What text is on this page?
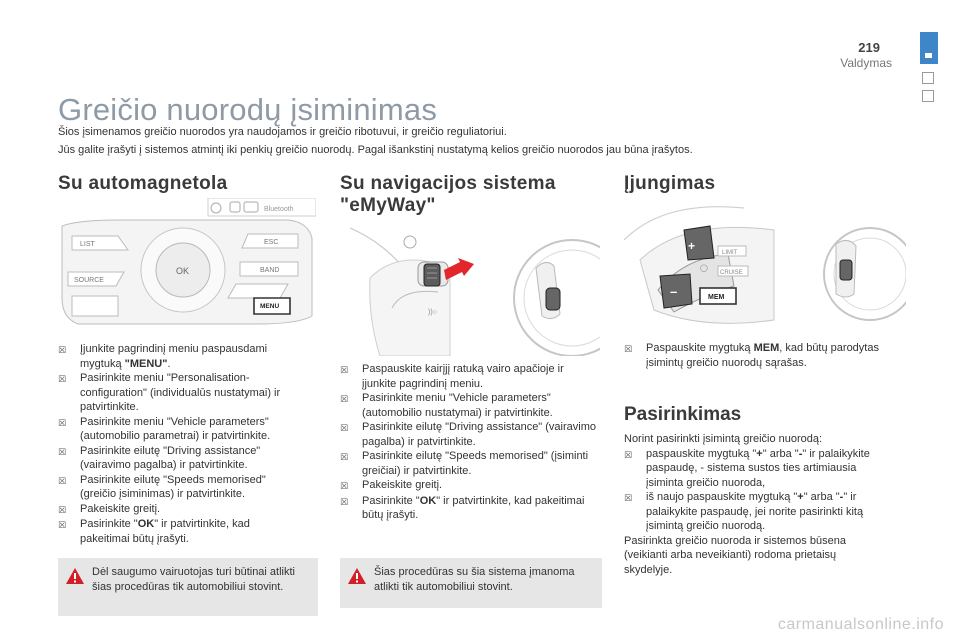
219
Valdymas
Greičio nuorodų įsiminimas
Šios įsimenamos greičio nuorodos yra naudojamos ir greičio ribotuvui, ir greičio reguliatoriui.
Jūs galite įrašyti į sistemos atmintį iki penkių greičio nuorodų. Pagal išankstinį nustatymą kelios greičio nuorodos jau būna įrašytos.
Su automagnetola
Bluetooth
LIST
SOURCE
OK
ESC
BAND
MENU
☒	Įjunkite pagrindinį meniu paspausdami mygtuką "MENU".
☒	Pasirinkite meniu "Personalisation-configuration" (individualūs nustatymai) ir patvirtinkite.
☒	Pasirinkite meniu "Vehicle parameters" (automobilio parametrai) ir patvirtinkite.
☒	Pasirinkite eilutę "Driving assistance" (vairavimo pagalba) ir patvirtinkite.
☒	Pasirinkite eilutę "Speeds memorised" (greičio įsiminimas) ir patvirtinkite.
☒	Pakeiskite greitį.
☒	Pasirinkite "OK" ir patvirtinkite, kad pakeitimai būtų įrašyti.
Dėl saugumo vairuotojas turi būtinai atlikti šias procedūras tik automobiliui stovint.
Su navigacijos sistema
"eMyWay"
))○
☒	Paspauskite kairįjį ratuką vairo apačioje ir įjunkite pagrindinį meniu.
☒	Pasirinkite meniu "Vehicle parameters" (automobilio nustatymai) ir patvirtinkite.
☒	Pasirinkite eilutę "Driving assistance" (vairavimo pagalba) ir patvirtinkite.
☒	Pasirinkite eilutę "Speeds memorised" (įsiminti greičiai) ir patvirtinkite.
☒	Pakeiskite greitį.
☒	Pasirinkite "OK" ir patvirtinkite, kad pakeitimai būtų įrašyti.
Šias procedūras su šia sistema įmanoma atlikti tik automobiliui stovint.
Įjungimas
+
–
◯
LIMIT
CRUISE
MEM
☒	Paspauskite mygtuką MEM, kad būtų parodytas įsimintų greičio nuorodų sąrašas.
Pasirinkimas
Norint pasirinkti įsimintą greičio nuorodą:
☒	paspauskite mygtuką "+" arba "-" ir palaikykite paspaudę, - sistema sustos ties artimiausia įsiminta greičio nuoroda,
☒	iš naujo paspauskite mygtuką "+" arba "-" ir palaikykite paspaudę, jei norite pasirinkti kitą įsimintą greičio nuorodą.
Pasirinkta greičio nuoroda ir sistemos būsena (veikianti arba neveikianti) rodoma prietaisų skydelyje.
carmanualsonline.info
